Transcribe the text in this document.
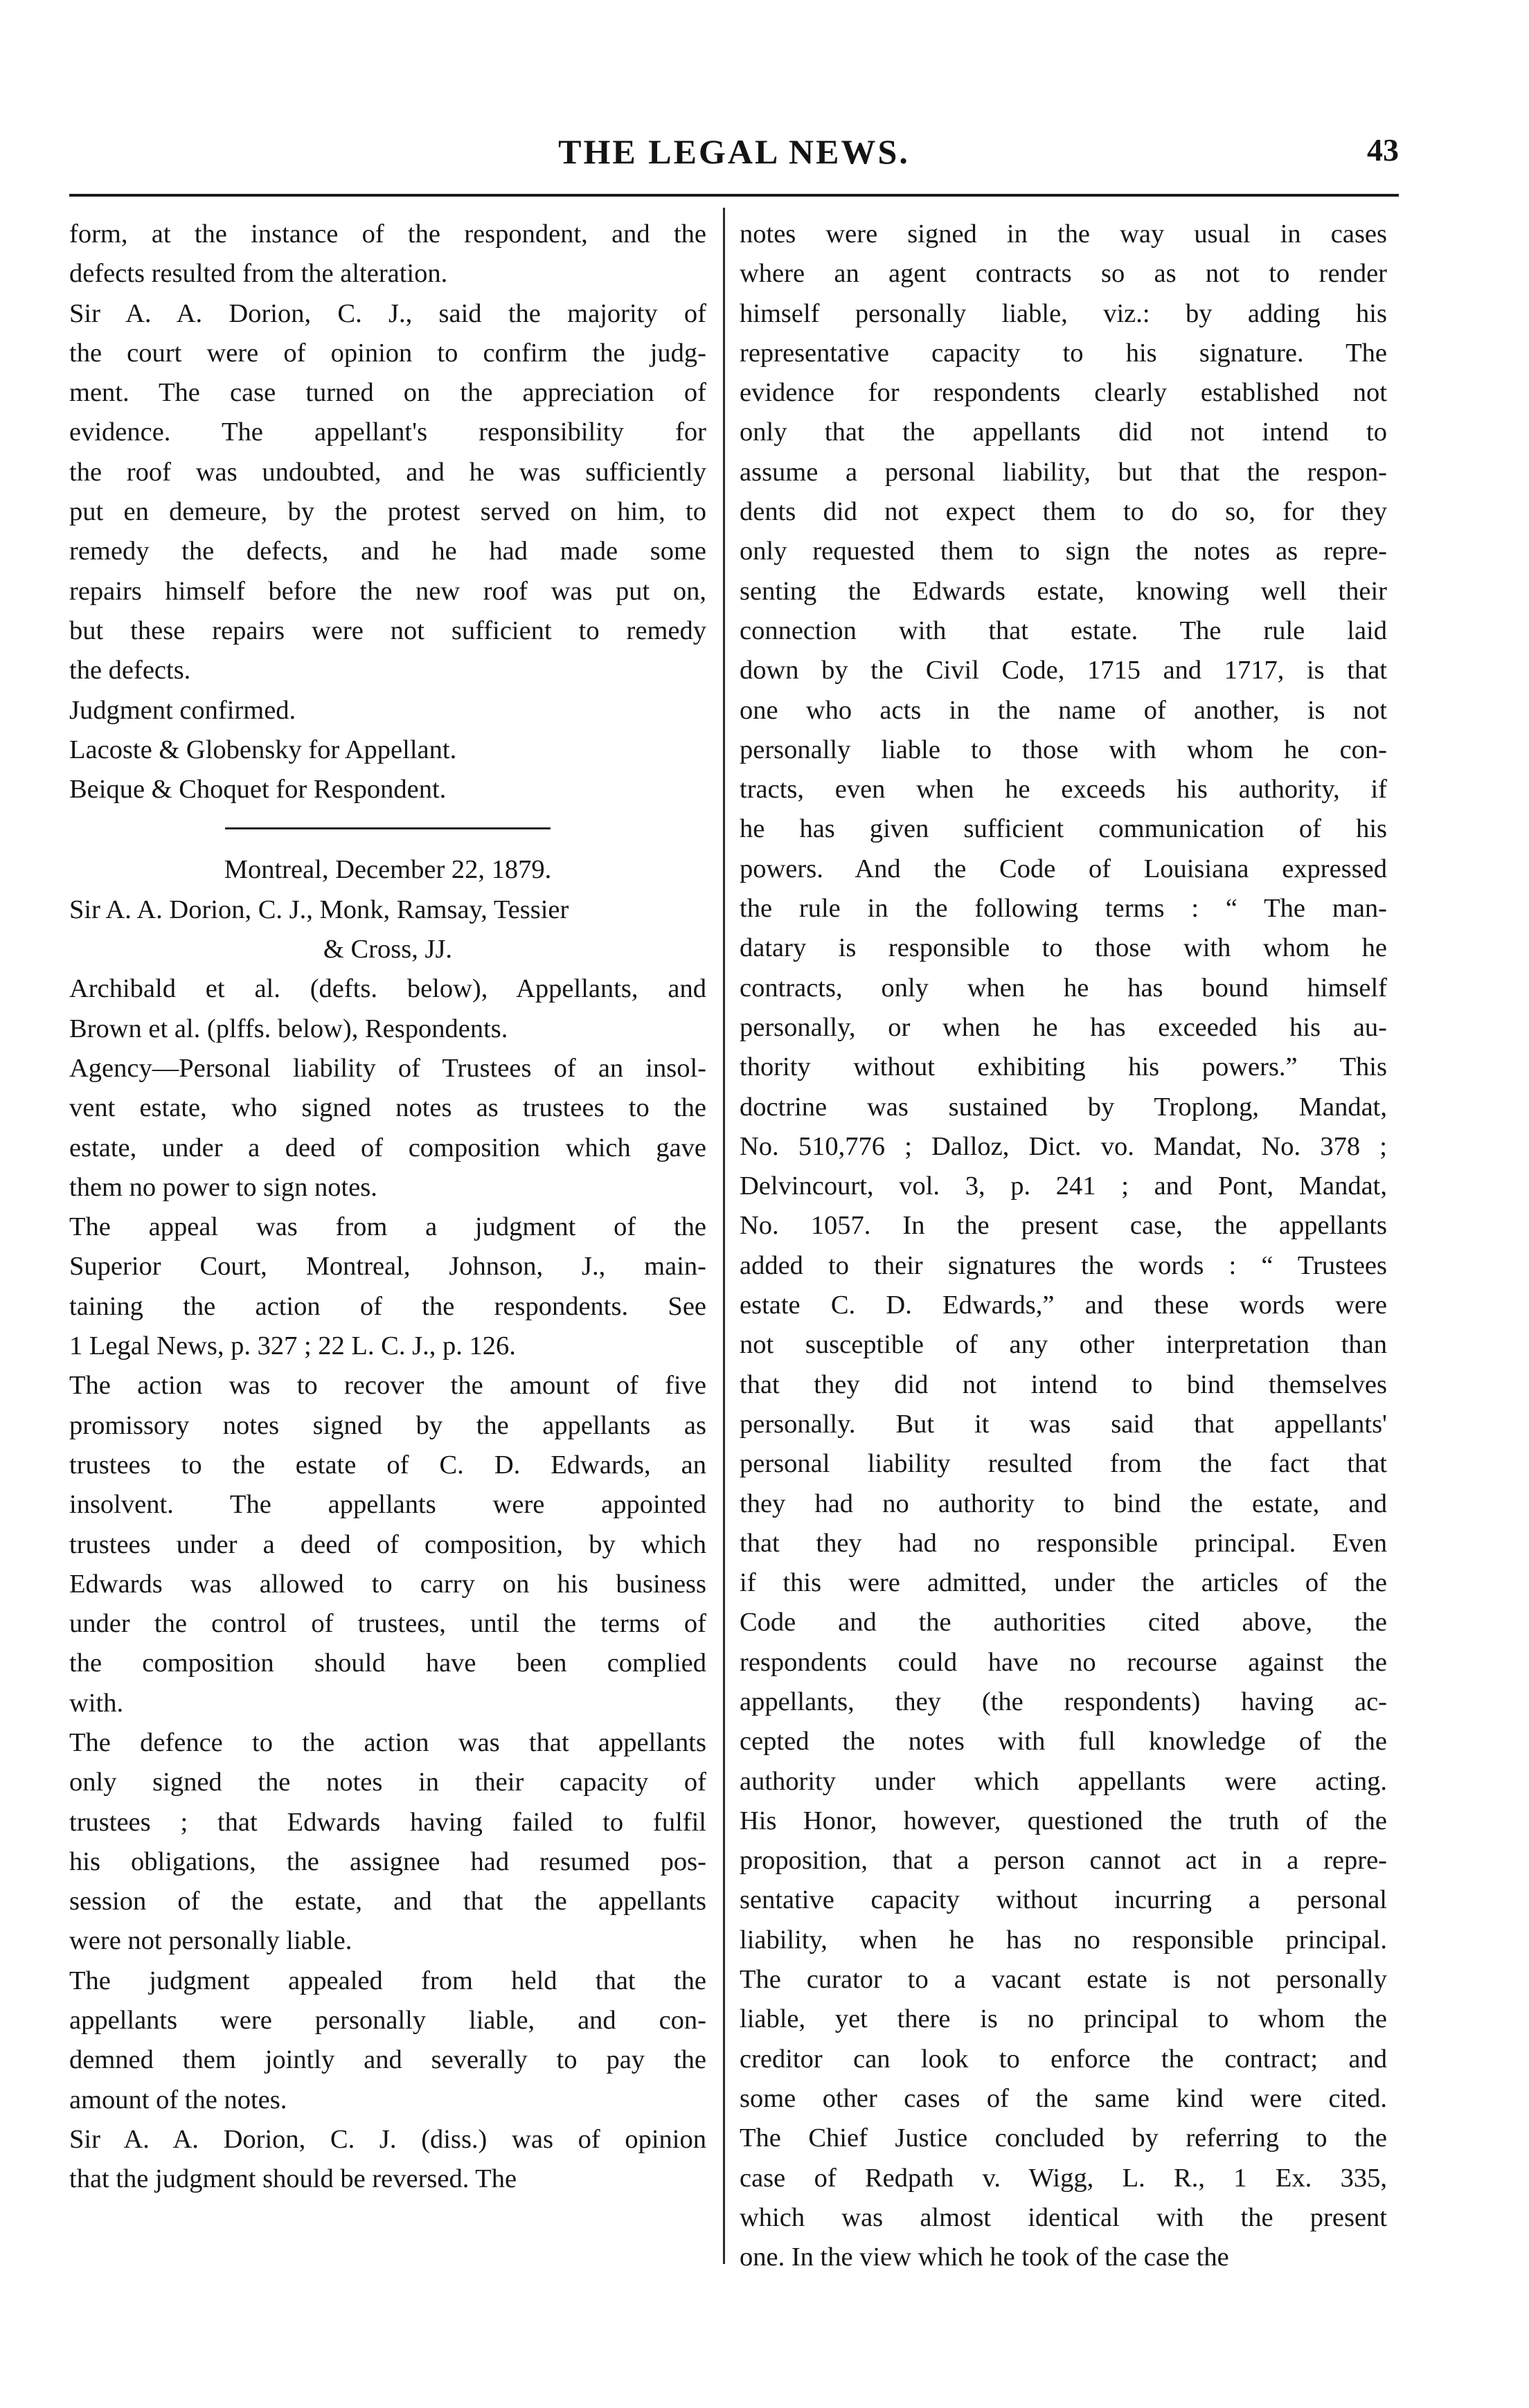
THE LEGAL NEWS.	43
form, at the instance of the respondent, and the
defects resulted from the alteration.
Sir A. A. Dorion, C. J., said the majority of
the court were of opinion to confirm the judg-
ment. The case turned on the appreciation of
evidence. The appellant's responsibility for
the roof was undoubted, and he was sufficiently
put en demeure, by the protest served on him, to
remedy the defects, and he had made some
repairs himself before the new roof was put on,
but these repairs were not sufficient to remedy
the defects.
Judgment confirmed.
Lacoste & Globensky for Appellant.
Beique & Choquet for Respondent.
Montreal, December 22, 1879.
Sir A. A. Dorion, C. J., Monk, Ramsay, Tessier
& Cross, JJ.
Archibald et al. (defts. below), Appellants, and
Brown et al. (plffs. below), Respondents.
Agency—Personal liability of Trustees of an insol-
vent estate, who signed notes as trustees to the
estate, under a deed of composition which gave
them no power to sign notes.
The appeal was from a judgment of the
Superior Court, Montreal, Johnson, J., main-
taining the action of the respondents. See
1 Legal News, p. 327 ; 22 L. C. J., p. 126.
The action was to recover the amount of five
promissory notes signed by the appellants as
trustees to the estate of C. D. Edwards, an
insolvent. The appellants were appointed
trustees under a deed of composition, by which
Edwards was allowed to carry on his business
under the control of trustees, until the terms of
the composition should have been complied
with.
The defence to the action was that appellants
only signed the notes in their capacity of
trustees ; that Edwards having failed to fulfil
his obligations, the assignee had resumed pos-
session of the estate, and that the appellants
were not personally liable.
The judgment appealed from held that the
appellants were personally liable, and con-
demned them jointly and severally to pay the
amount of the notes.
Sir A. A. Dorion, C. J. (diss.) was of opinion
that the judgment should be reversed. The
notes were signed in the way usual in cases
where an agent contracts so as not to render
himself personally liable, viz.: by adding his
representative capacity to his signature. The
evidence for respondents clearly established not
only that the appellants did not intend to
assume a personal liability, but that the respon-
dents did not expect them to do so, for they
only requested them to sign the notes as repre-
senting the Edwards estate, knowing well their
connection with that estate. The rule laid
down by the Civil Code, 1715 and 1717, is that
one who acts in the name of another, is not
personally liable to those with whom he con-
tracts, even when he exceeds his authority, if
he has given sufficient communication of his
powers. And the Code of Louisiana expressed
the rule in the following terms : “ The man-
datary is responsible to those with whom he
contracts, only when he has bound himself
personally, or when he has exceeded his au-
thority without exhibiting his powers.” This
doctrine was sustained by Troplong, Mandat,
No. 510,776 ; Dalloz, Dict. vo. Mandat, No. 378 ;
Delvincourt, vol. 3, p. 241 ; and Pont, Mandat,
No. 1057. In the present case, the appellants
added to their signatures the words : “ Trustees
estate C. D. Edwards,” and these words were
not susceptible of any other interpretation than
that they did not intend to bind themselves
personally. But it was said that appellants'
personal liability resulted from the fact that
they had no authority to bind the estate, and
that they had no responsible principal. Even
if this were admitted, under the articles of the
Code and the authorities cited above, the
respondents could have no recourse against the
appellants, they (the respondents) having ac-
cepted the notes with full knowledge of the
authority under which appellants were acting.
His Honor, however, questioned the truth of the
proposition, that a person cannot act in a repre-
sentative capacity without incurring a personal
liability, when he has no responsible principal.
The curator to a vacant estate is not personally
liable, yet there is no principal to whom the
creditor can look to enforce the contract; and
some other cases of the same kind were cited.
The Chief Justice concluded by referring to the
case of Redpath v. Wigg, L. R., 1 Ex. 335,
which was almost identical with the present
one. In the view which he took of the case the
